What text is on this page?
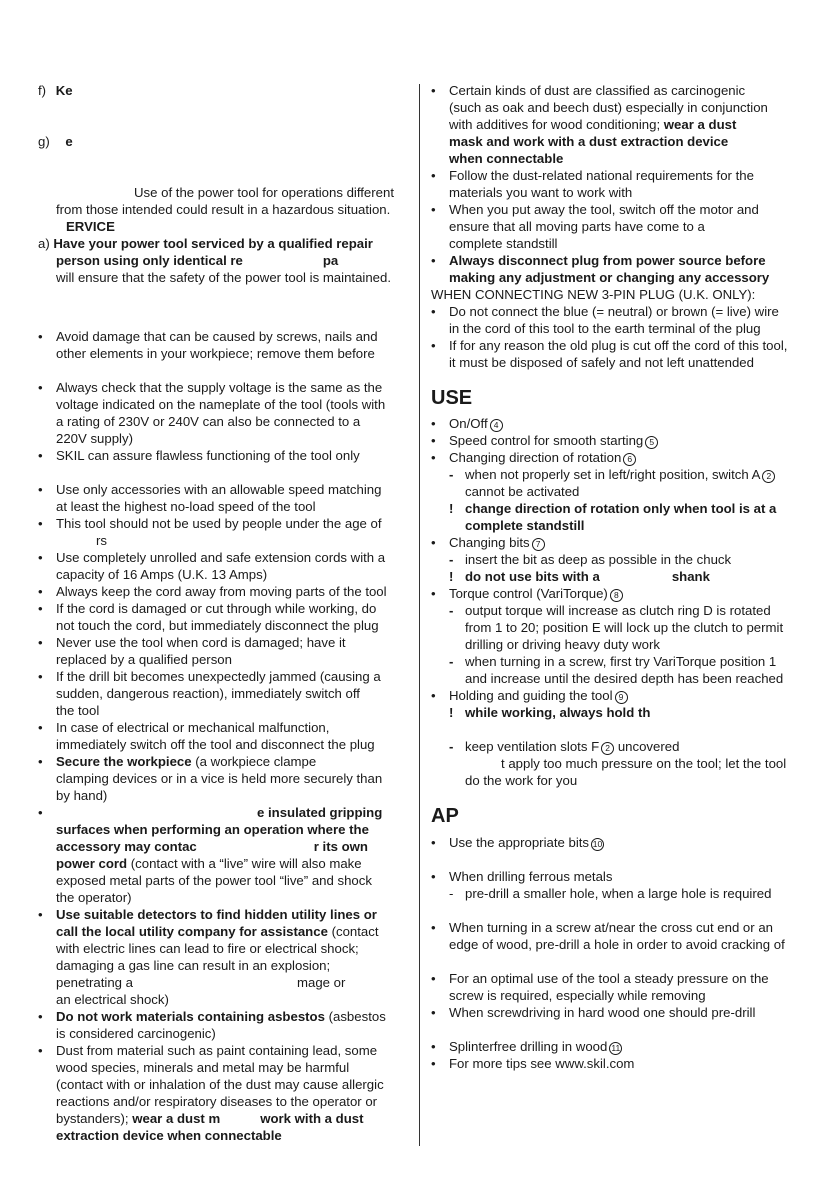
f) Ke
g) e
Use of the power tool for operations different
from those intended could result in a hazardous situation.
ERVICE
a) Have your power tool serviced by a qualified repair
person using only identical re	pa
will ensure that the safety of the power tool is maintained.
• Avoid damage that can be caused by screws, nails and
other elements in your workpiece; remove them before
• Always check that the supply voltage is the same as the
voltage indicated on the nameplate of the tool (tools with
a rating of 230V or 240V can also be connected to a
220V supply)
• SKIL can assure flawless functioning of the tool only
• Use only accessories with an allowable speed matching
at least the highest no-load speed of the tool
• This tool should not be used by people under the age of
rs
• Use completely unrolled and safe extension cords with a
capacity of 16 Amps (U.K. 13 Amps)
• Always keep the cord away from moving parts of the tool
• If the cord is damaged or cut through while working, do
not touch the cord, but immediately disconnect the plug
• Never use the tool when cord is damaged; have it
replaced by a qualified person
• If the drill bit becomes unexpectedly jammed (causing a
sudden, dangerous reaction), immediately switch off
the tool
• In case of electrical or mechanical malfunction,
immediately switch off the tool and disconnect the plug
• Secure the workpiece (a workpiece clampe
clamping devices or in a vice is held more securely than
by hand)
•	e insulated gripping
surfaces when performing an operation where the
accessory may contac	r its own
power cord (contact with a “live” wire will also make
exposed metal parts of the power tool “live” and shock
the operator)
• Use suitable detectors to find hidden utility lines or
call the local utility company for assistance (contact
with electric lines can lead to fire or electrical shock;
damaging a gas line can result in an explosion;
penetrating a	mage or
an electrical shock)
• Do not work materials containing asbestos (asbestos
is considered carcinogenic)
• Dust from material such as paint containing lead, some
wood species, minerals and metal may be harmful
(contact with or inhalation of the dust may cause allergic
reactions and/or respiratory diseases to the operator or
bystanders); wear a dust m	work with a dust
extraction device when connectable
• Certain kinds of dust are classified as carcinogenic
(such as oak and beech dust) especially in conjunction
with additives for wood conditioning; wear a dust
mask and work with a dust extraction device
when connectable
• Follow the dust-related national requirements for the
materials you want to work with
• When you put away the tool, switch off the motor and
ensure that all moving parts have come to a
complete standstill
• Always disconnect plug from power source before
making any adjustment or changing any accessory
WHEN CONNECTING NEW 3-PIN PLUG (U.K. ONLY):
• Do not connect the blue (= neutral) or brown (= live) wire
in the cord of this tool to the earth terminal of the plug
• If for any reason the old plug is cut off the cord of this tool,
it must be disposed of safely and not left unattended
USE
• On/Off 4
• Speed control for smooth starting 5
• Changing direction of rotation 6
- when not properly set in left/right position, switch A 2
cannot be activated
! change direction of rotation only when tool is at a
complete standstill
• Changing bits 7
- insert the bit as deep as possible in the chuck
! do not use bits with a	shank
• Torque control (VariTorque) 8
- output torque will increase as clutch ring D is rotated
from 1 to 20; position E will lock up the clutch to permit
drilling or driving heavy duty work
- when turning in a screw, first try VariTorque position 1
and increase until the desired depth has been reached
• Holding and guiding the tool 9
! while working, always hold th
- keep ventilation slots F 2 uncovered
t apply too much pressure on the tool; let the tool
do the work for you
AP
• Use the appropriate bits 10
• When drilling ferrous metals
- pre-drill a smaller hole, when a large hole is required
• When turning in a screw at/near the cross cut end or an
edge of wood, pre-drill a hole in order to avoid cracking of
• For an optimal use of the tool a steady pressure on the
screw is required, especially while removing
• When screwdriving in hard wood one should pre-drill
• Splinterfree drilling in wood 11
• For more tips see www.skil.com
